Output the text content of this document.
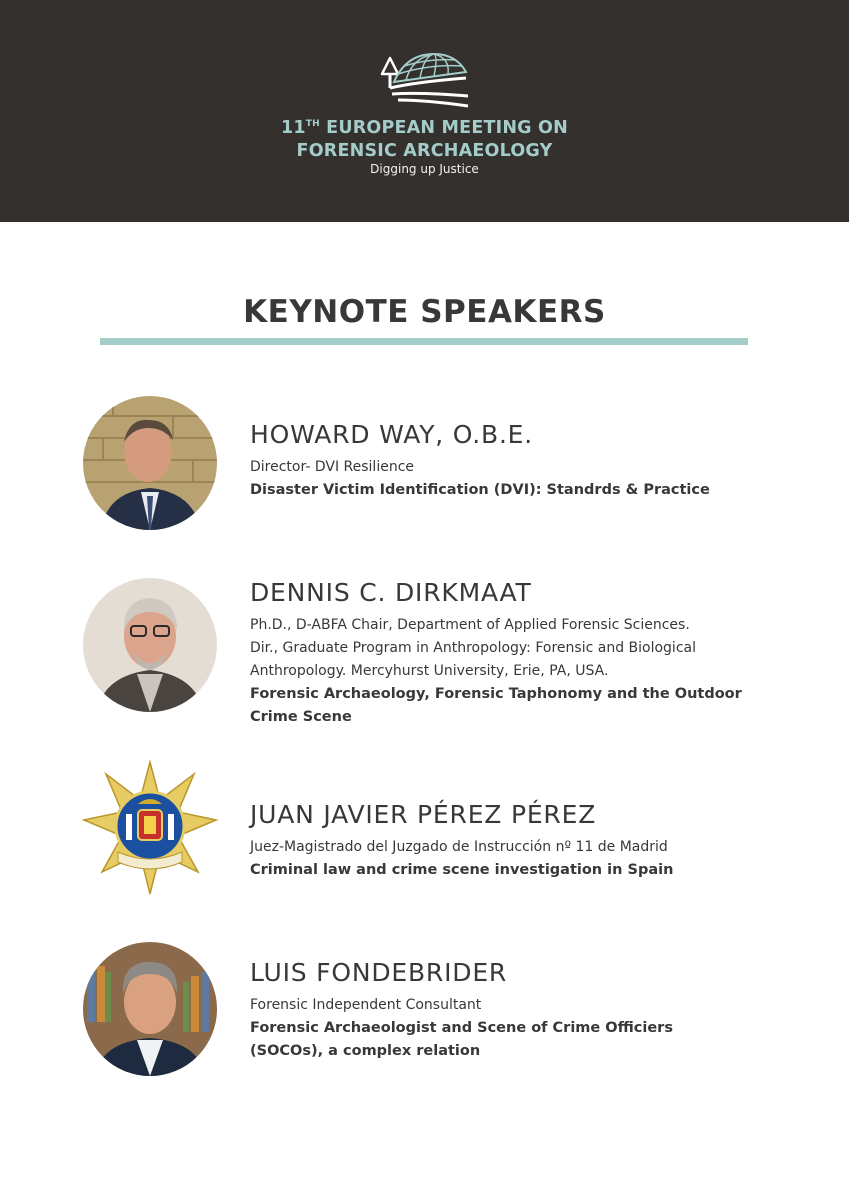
11TH EUROPEAN MEETING ON
FORENSIC ARCHAEOLOGY
Digging up Justice
KEYNOTE SPEAKERS
HOWARD WAY, O.B.E.
Director- DVI Resilience
Disaster Victim Identification (DVI): Standrds & Practice
DENNIS C. DIRKMAAT
Ph.D., D-ABFA Chair, Department of Applied Forensic Sciences.
Dir., Graduate Program in Anthropology: Forensic and Biological
Anthropology. Mercyhurst University, Erie, PA, USA.
Forensic Archaeology, Forensic Taphonomy and the Outdoor
Crime Scene
JUAN JAVIER PÉREZ PÉREZ
Juez-Magistrado del Juzgado de Instrucción nº 11 de Madrid
Criminal law and crime scene investigation in Spain
LUIS FONDEBRIDER
Forensic Independent Consultant
Forensic Archaeologist and Scene of Crime Officiers
(SOCOs), a complex relation
